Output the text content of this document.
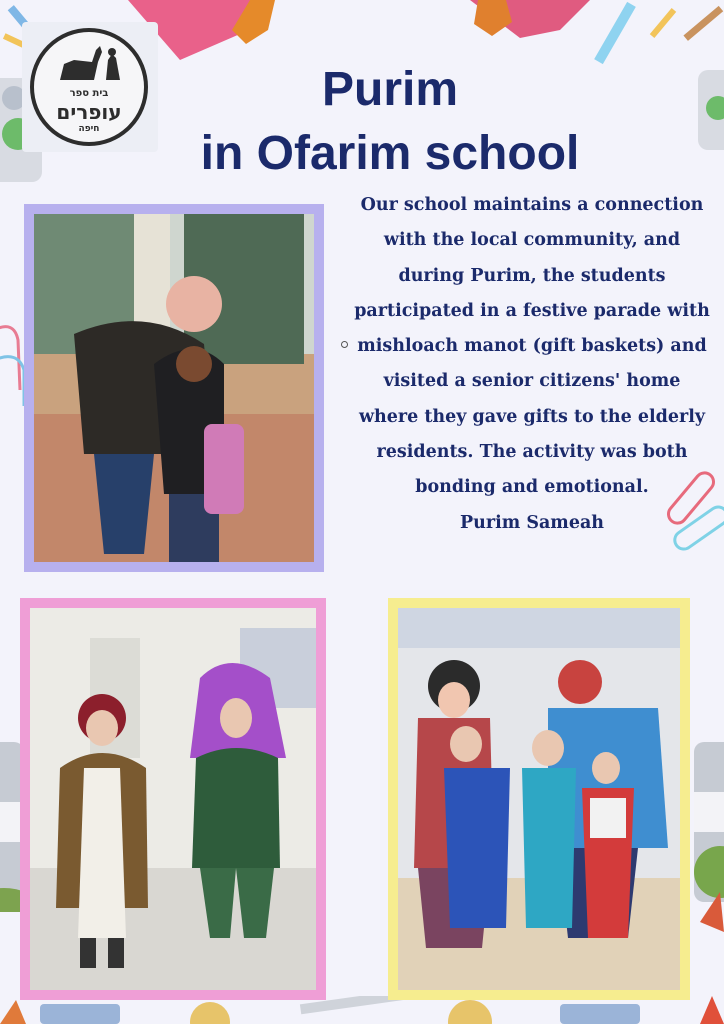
בית ספר
עופרים
חיפה
Purim
in Ofarim school
Our school maintains a connection with the local community, and during Purim, the students participated in a festive parade with mishloach manot (gift baskets) and visited a senior citizens' home where they gave gifts to the elderly residents. The activity was both bonding and emotional.
Purim Sameah
